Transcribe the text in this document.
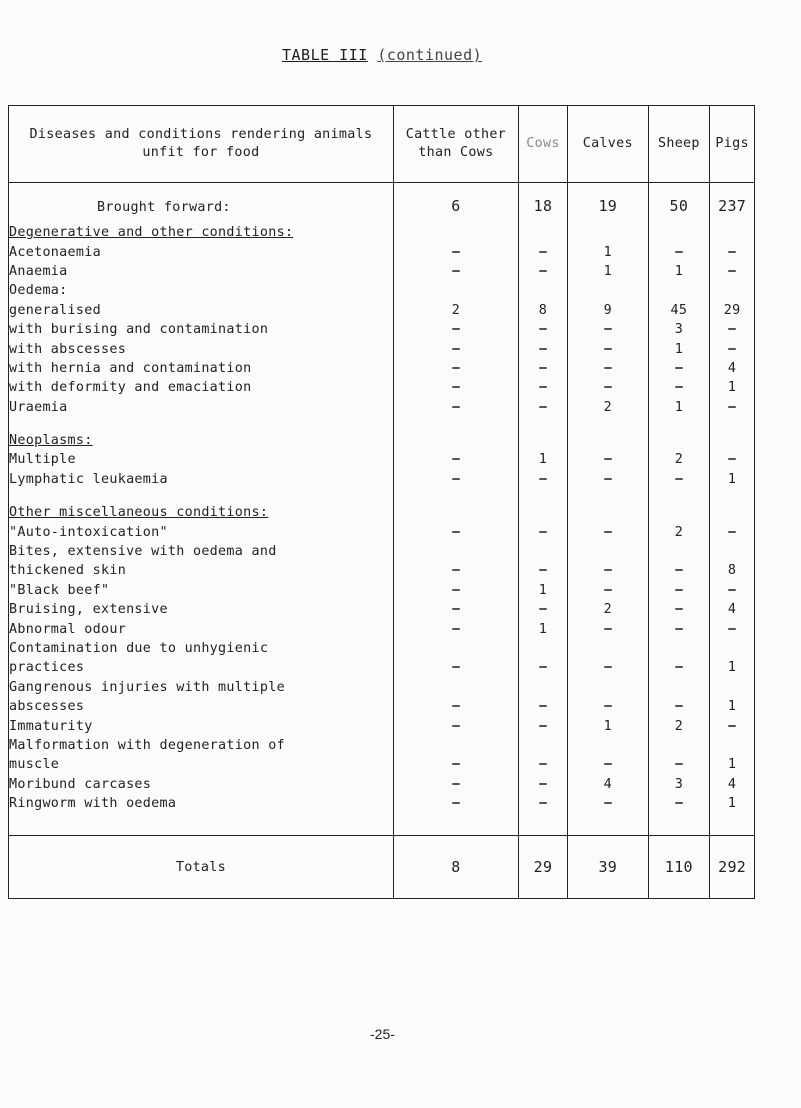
TABLE III (continued)
Diseases and conditions rendering animals unfit for food	Cattle other than Cows	Cows	Calves	Sheep	Pigs
Brought forward:	6	18	19	50	237

Degenerative and other conditions:					
Acetonaemia			1		
Anaemia			1	1	
Oedema:					
generalised	2	8	9	45	29
with burising and contamination				3	
with abscesses				1	
with hernia and contamination					4
with deformity and emaciation					1
Uraemia			2	1	

Neoplasms:					
Multiple		1		2	
Lymphatic leukaemia					1

Other miscellaneous conditions:					
"Auto-intoxication"				2	
Bites, extensive with oedema and					
thickened skin					8
"Black beef"		1			
Bruising, extensive			2		4
Abnormal odour		1			
Contamination due to unhygienic					
practices					1
Gangrenous injuries with multiple					
abscesses					1
Immaturity			1	2	
Malformation with degeneration of					
muscle					1
Moribund carcases			4	3	4
Ringworm with oedema					1

Totals	8	29	39	110	292
-25-
